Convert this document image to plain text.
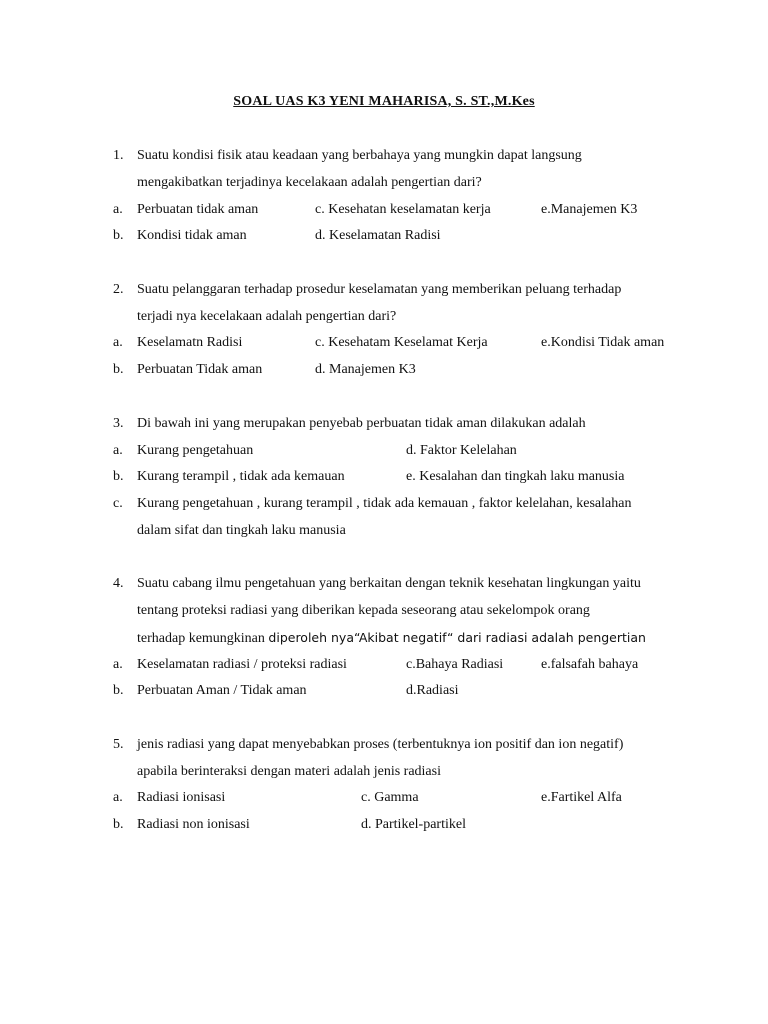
SOAL UAS K3 YENI MAHARISA, S. ST.,M.Kes
1. Suatu kondisi fisik atau keadaan yang berbahaya yang mungkin dapat langsung
mengakibatkan terjadinya kecelakaan adalah pengertian dari?
a. Perbuatan tidak aman	c. Kesehatan keselamatan kerja	e.Manajemen K3
b. Kondisi tidak aman	d. Keselamatan Radisi
2. Suatu pelanggaran terhadap prosedur keselamatan yang memberikan peluang terhadap
terjadi nya kecelakaan adalah pengertian dari?
a. Keselamatn Radisi	c. Kesehatam Keselamat Kerja	e.Kondisi Tidak aman
b. Perbuatan Tidak aman	d. Manajemen K3
3. Di bawah ini yang merupakan penyebab perbuatan tidak aman dilakukan adalah
a. Kurang pengetahuan	d. Faktor Kelelahan
b. Kurang terampil , tidak ada kemauan	e. Kesalahan dan tingkah laku manusia
c. Kurang pengetahuan , kurang terampil , tidak ada kemauan , faktor kelelahan, kesalahan
dalam sifat dan tingkah laku manusia
4. Suatu cabang ilmu pengetahuan yang berkaitan dengan teknik kesehatan lingkungan yaitu
tentang proteksi radiasi yang diberikan kepada seseorang atau sekelompok orang
terhadap kemungkinan diperoleh nya“Akibat negatif“ dari radiasi adalah pengertian
a. Keselamatan radiasi / proteksi radiasi	c.Bahaya Radiasi	e.falsafah bahaya
b. Perbuatan Aman / Tidak aman	d.Radiasi
5. jenis radiasi yang dapat menyebabkan proses (terbentuknya ion positif dan ion negatif)
apabila berinteraksi dengan materi adalah jenis radiasi
a. Radiasi ionisasi	c. Gamma	e.Fartikel Alfa
b. Radiasi non ionisasi	d. Partikel-partikel
